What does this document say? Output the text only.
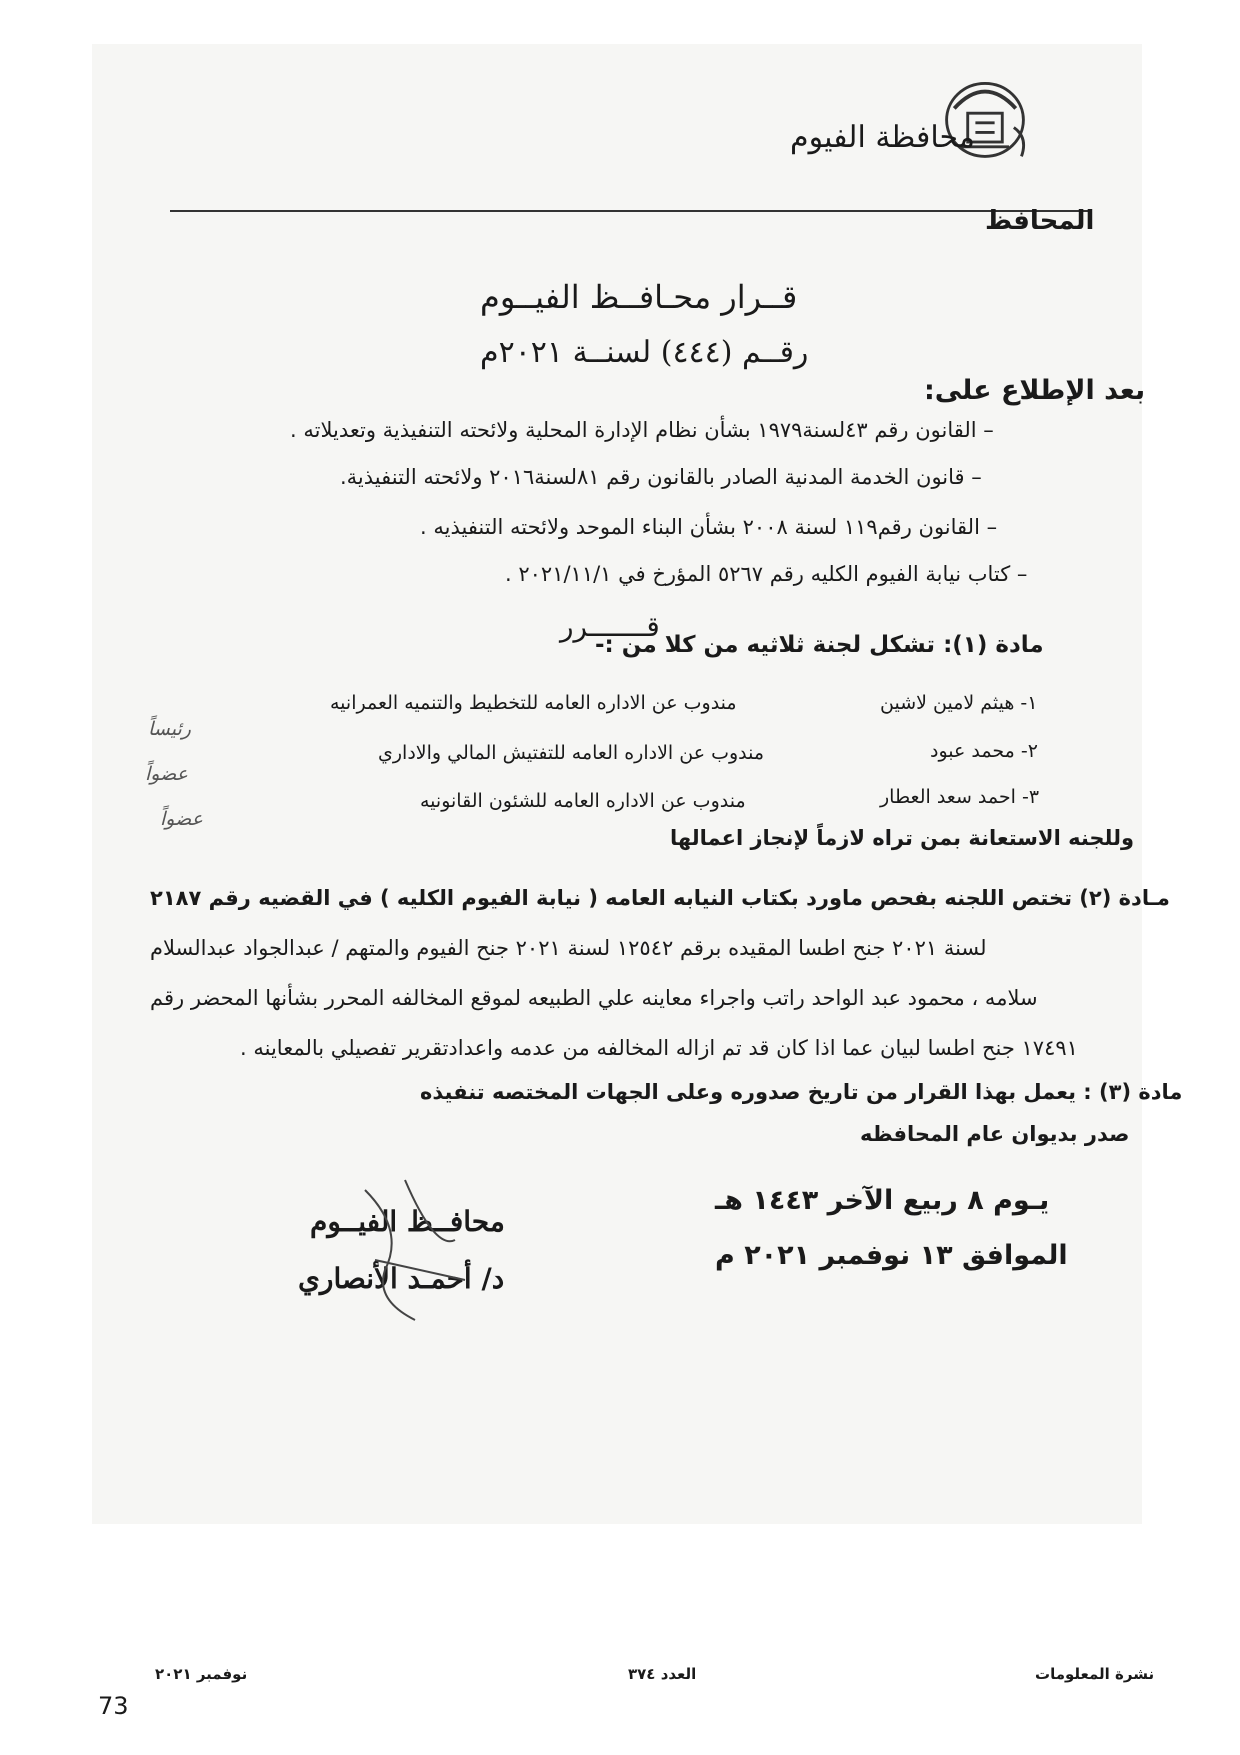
محافظة الفيوم
المحافظ
قــرار محـافــظ الفيــوم
رقــم (٤٤٤) لسنــة ٢٠٢١م
بعد الإطلاع على:
– القانون رقم ٤٣لسنة١٩٧٩ بشأن نظام الإدارة المحلية ولائحته التنفيذية وتعديلاته .
– قانون الخدمة المدنية الصادر بالقانون رقم ٨١لسنة٢٠١٦ ولائحته التنفيذية.
– القانون رقم١١٩ لسنة ٢٠٠٨ بشأن البناء الموحد ولائحته التنفيذيه .
– كتاب نيابة الفيوم الكليه رقم ٥٢٦٧ المؤرخ في ٢٠٢١/١١/١ .
قـــــــرر
مادة (١): تشكل لجنة ثلاثيه من كلا من :-
١- هيثم لامين لاشين
مندوب عن الاداره العامه للتخطيط والتنميه العمرانيه
رئيساً
٢- محمد عبود
مندوب عن الاداره العامه للتفتيش المالي والاداري
عضواً
٣- احمد سعد العطار
مندوب عن الاداره العامه للشئون القانونيه
عضواً
وللجنه الاستعانة بمن تراه لازماً لإنجاز اعمالها
مـادة (٢) تختص اللجنه بفحص ماورد بكتاب النيابه العامه ( نيابة الفيوم الكليه ) في القضيه رقم ٢١٨٧
لسنة ٢٠٢١ جنح اطسا المقيده برقم ١٢٥٤٢ لسنة ٢٠٢١ جنح الفيوم والمتهم / عبدالجواد عبدالسلام
سلامه ، محمود عبد الواحد راتب واجراء معاينه علي الطبيعه لموقع المخالفه المحرر بشأنها المحضر رقم
١٧٤٩١ جنح اطسا لبيان عما اذا كان قد تم ازاله المخالفه من عدمه واعدادتقرير تفصيلي بالمعاينه .
مادة (٣) : يعمل بهذا القرار من تاريخ صدوره وعلى الجهات المختصه تنفيذه
صدر بديوان عام المحافظه
محافــظ الفيــوم
د/ أحمـد الأنصاري
يـوم ٨ ربيع الآخر ١٤٤٣ هـ
الموافق ١٣ نوفمبر ٢٠٢١ م
نوفمبر ٢٠٢١	العدد ٣٧٤	نشرة المعلومات
73
